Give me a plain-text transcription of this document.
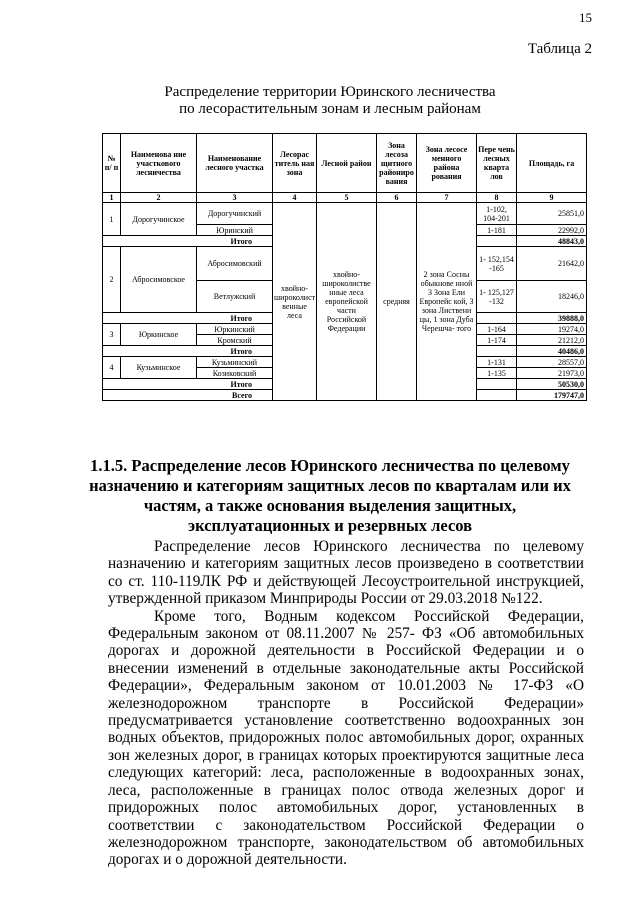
15
Таблица 2
Распределение территории Юринского лесничества
по лесорастительным зонам и лесным районам
№ п/ п	Наименова ние участкового лесничества	Наименование лесного участка	Лесорас титель ная зона	Лесной район	Зона лесоза щитного райониро вания	Зона лесосе менного района рования	Пере чень лесных кварта лов	Площадь, га
1	2	3	4	5	6	7	8	9
1	Дорогучинское	Дорогучинский	хвойно- широколист венные леса	хвойно- широколистве нные леса европейской части Российской Федерации	средняя	2 зона Сосны обыкнове нной 3 Зона Ели Европейс кой, 3 зона Листвени цы, 1 зона Дуба Черешча- того	1-102, 104-201	25851,0
		Юринский					1-181	22992,0
Итого								48843,0
2	Абросимовское	Абросимовский					1- 152,154 -165	21642,0
		Ветлужский					1- 125,127 -132	18246,0
Итого								39888,0
3	Юркинское	Юркинский					1-164	19274,0
		Кромский					1-174	21212,0
Итого								40486,0
4	Кузьминское	Кузьминский					1-131	28557,0
		Козиковский					1-135	21973,0
Итого								50530,0
Всего								179747,0
1.1.5. Распределение лесов Юринского лесничества по целевому
назначению и категориям защитных лесов по кварталам или их
частям, а также основания выделения защитных,
эксплуатационных и резервных лесов

Распределение лесов Юринского лесничества по целевому назначению и категориям защитных лесов произведено в соответствии со ст. 110-119ЛК РФ и действующей Лесоустроительной инструкцией, утвержденной приказом Минприроды России от 29.03.2018 №122.

Кроме того, Водным кодексом Российской Федерации, Федеральным законом от 08.11.2007 № 257- ФЗ «Об автомобильных дорогах и дорожной деятельности в Российской Федерации и о внесении изменений в отдельные законодательные акты Российской Федерации», Федеральным законом от 10.01.2003 № 17-ФЗ «О железнодорожном транспорте в Российской Федерации» предусматривается установление соответственно водоохранных зон водных объектов, придорожных полос автомобильных дорог, охранных зон железных дорог, в границах которых проектируются защитные леса следующих категорий: леса, расположенные в водоохранных зонах, леса, расположенные в границах полос отвода железных дорог и придорожных полос автомобильных дорог, установленных в соответствии с законодательством Российской Федерации о железнодорожном транспорте, законодательством об автомобильных дорогах и о дорожной деятельности.
